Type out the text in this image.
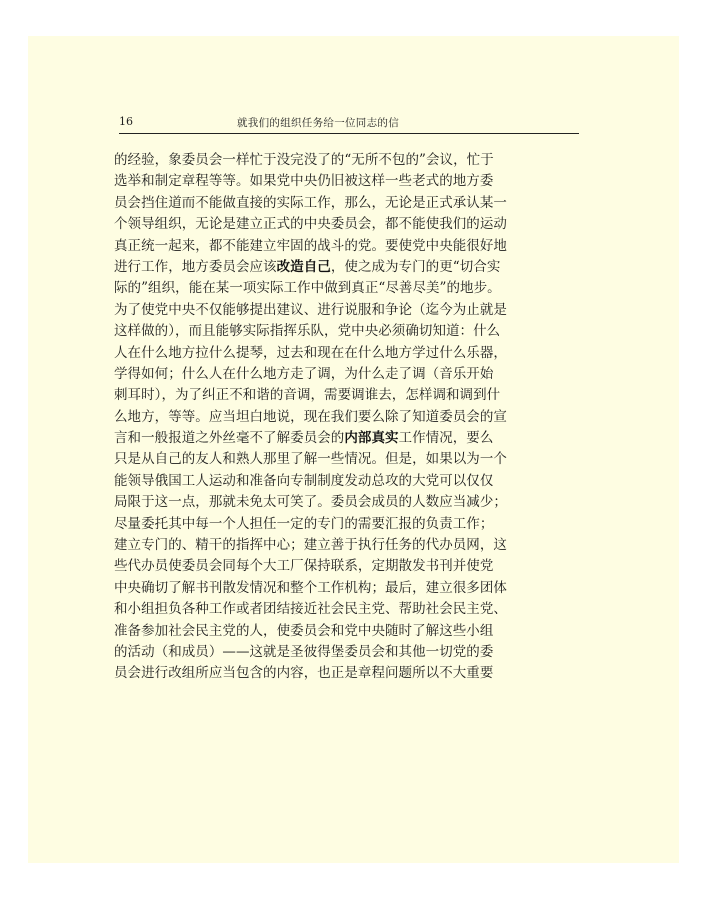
16	就我们的组织任务给一位同志的信
的经验，象委员会一样忙于没完没了的“无所不包的”会议，忙于
选举和制定章程等等。如果党中央仍旧被这样一些老式的地方委
员会挡住道而不能做直接的实际工作，那么，无论是正式承认某一
个领导组织，无论是建立正式的中央委员会，都不能使我们的运动
真正统一起来，都不能建立牢固的战斗的党。要使党中央能很好地
进行工作，地方委员会应该改造自己，使之成为专门的更“切合实
际的”组织，能在某一项实际工作中做到真正“尽善尽美”的地步。
为了使党中央不仅能够提出建议、进行说服和争论（迄今为止就是
这样做的），而且能够实际指挥乐队，党中央必须确切知道：什么
人在什么地方拉什么提琴，过去和现在在什么地方学过什么乐器，
学得如何；什么人在什么地方走了调，为什么走了调（音乐开始
刺耳时），为了纠正不和谐的音调，需要调谁去，怎样调和调到什
么地方，等等。应当坦白地说，现在我们要么除了知道委员会的宣
言和一般报道之外丝毫不了解委员会的内部真实工作情况，要么
只是从自己的友人和熟人那里了解一些情况。但是，如果以为一个
能领导俄国工人运动和准备向专制制度发动总攻的大党可以仅仅
局限于这一点，那就未免太可笑了。委员会成员的人数应当减少；
尽量委托其中每一个人担任一定的专门的需要汇报的负责工作；
建立专门的、精干的指挥中心；建立善于执行任务的代办员网，这
些代办员使委员会同每个大工厂保持联系，定期散发书刊并使党
中央确切了解书刊散发情况和整个工作机构；最后，建立很多团体
和小组担负各种工作或者团结接近社会民主党、帮助社会民主党、
准备参加社会民主党的人，使委员会和党中央随时了解这些小组
的活动（和成员）——这就是圣彼得堡委员会和其他一切党的委
员会进行改组所应当包含的内容，也正是章程问题所以不大重要
